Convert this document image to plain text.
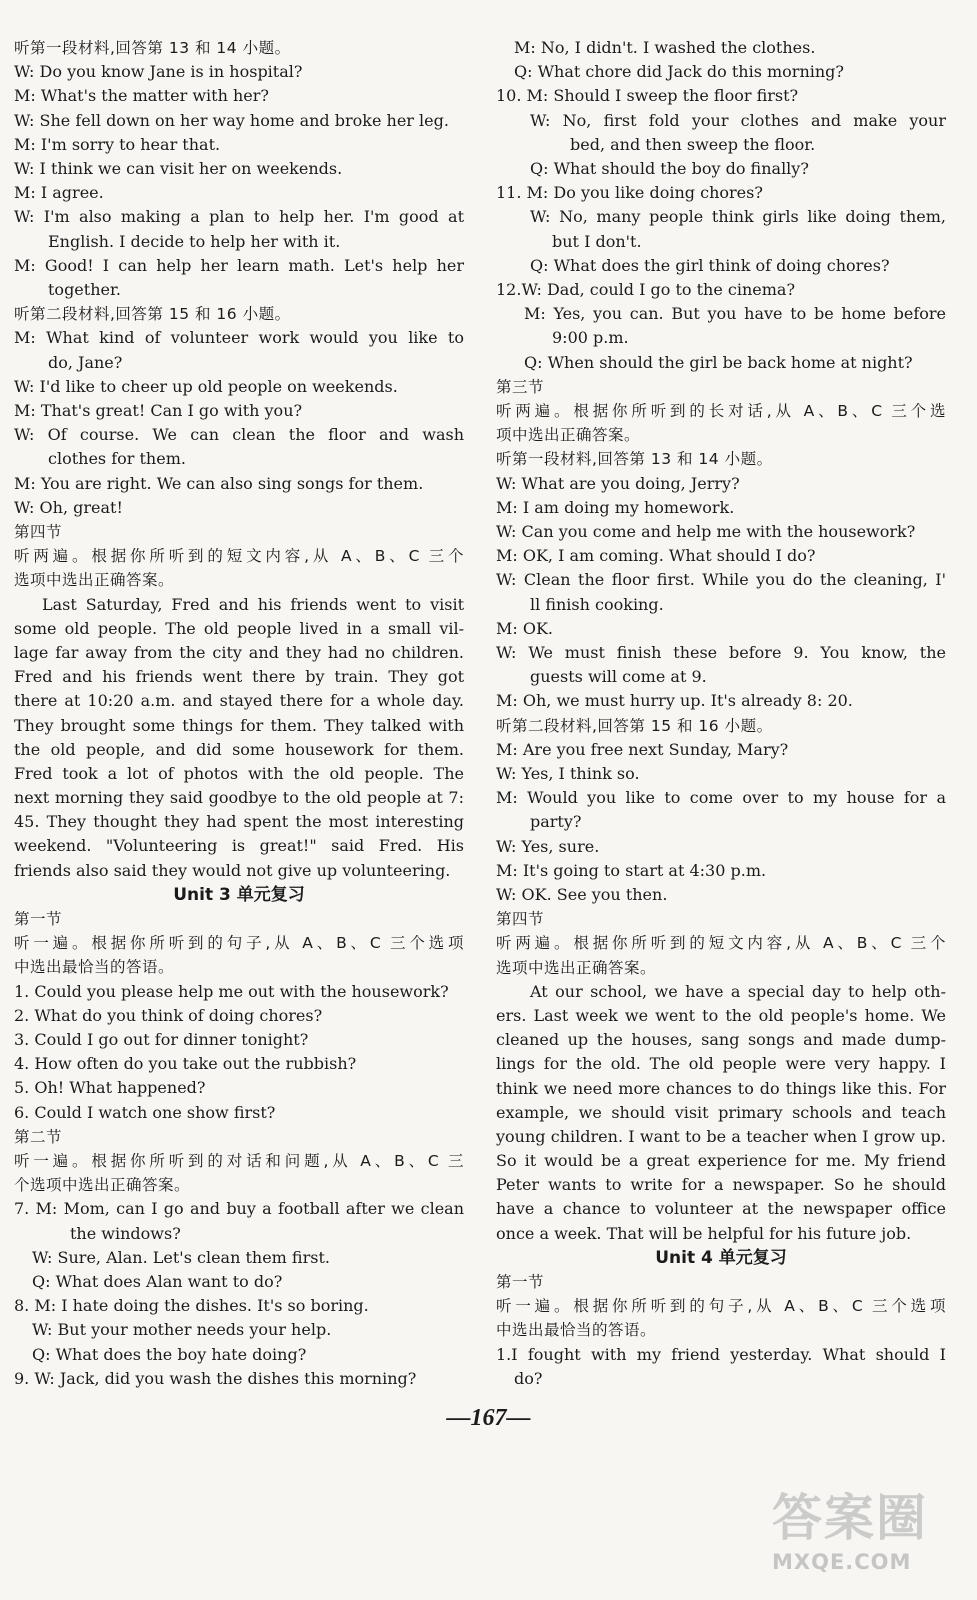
听第一段材料,回答第 13 和 14 小题。
W: Do you know Jane is in hospital?
M: What's the matter with her?
W: She fell down on her way home and broke her leg.
M: I'm sorry to hear that.
W: I think we can visit her on weekends.
M: I agree.
W: I'm also making a plan to help her. I'm good at
English. I decide to help her with it.
M: Good! I can help her learn math. Let's help her
together.
听第二段材料,回答第 15 和 16 小题。
M: What kind of volunteer work would you like to
do, Jane?
W: I'd like to cheer up old people on weekends.
M: That's great! Can I go with you?
W: Of course. We can clean the floor and wash
clothes for them.
M: You are right. We can also sing songs for them.
W: Oh, great!
第四节
听两遍。根据你所听到的短文内容,从 A、B、C 三个
选项中选出正确答案。
Last Saturday, Fred and his friends went to visit
some old people. The old people lived in a small vil-
lage far away from the city and they had no children.
Fred and his friends went there by train. They got
there at 10:20 a.m. and stayed there for a whole day.
They brought some things for them. They talked with
the old people, and did some housework for them.
Fred took a lot of photos with the old people. The
next morning they said goodbye to the old people at 7:
45. They thought they had spent the most interesting
weekend. "Volunteering is great!" said Fred. His
friends also said they would not give up volunteering.
Unit 3 单元复习
第一节
听一遍。根据你所听到的句子,从 A、B、C 三个选项
中选出最恰当的答语。
1. Could you please help me out with the housework?
2. What do you think of doing chores?
3. Could I go out for dinner tonight?
4. How often do you take out the rubbish?
5. Oh! What happened?
6. Could I watch one show first?
第二节
听一遍。根据你所听到的对话和问题,从 A、B、C 三
个选项中选出正确答案。
7. M: Mom, can I go and buy a football after we clean
the windows?
W: Sure, Alan. Let's clean them first.
Q: What does Alan want to do?
8. M: I hate doing the dishes. It's so boring.
W: But your mother needs your help.
Q: What does the boy hate doing?
9. W: Jack, did you wash the dishes this morning?
M: No, I didn't. I washed the clothes.
Q: What chore did Jack do this morning?
10. M: Should I sweep the floor first?
W: No, first fold your clothes and make your
bed, and then sweep the floor.
Q: What should the boy do finally?
11. M: Do you like doing chores?
W: No, many people think girls like doing them,
but I don't.
Q: What does the girl think of doing chores?
12.W: Dad, could I go to the cinema?
M: Yes, you can. But you have to be home before
9:00 p.m.
Q: When should the girl be back home at night?
第三节
听两遍。根据你所听到的长对话,从 A、B、C 三个选
项中选出正确答案。
听第一段材料,回答第 13 和 14 小题。
W: What are you doing, Jerry?
M: I am doing my homework.
W: Can you come and help me with the housework?
M: OK, I am coming. What should I do?
W: Clean the floor first. While you do the cleaning, I'
ll finish cooking.
M: OK.
W: We must finish these before 9. You know, the
guests will come at 9.
M: Oh, we must hurry up. It's already 8: 20.
听第二段材料,回答第 15 和 16 小题。
M: Are you free next Sunday, Mary?
W: Yes, I think so.
M: Would you like to come over to my house for a
party?
W: Yes, sure.
M: It's going to start at 4:30 p.m.
W: OK. See you then.
第四节
听两遍。根据你所听到的短文内容,从 A、B、C 三个
选项中选出正确答案。
At our school, we have a special day to help oth-
ers. Last week we went to the old people's home. We
cleaned up the houses, sang songs and made dump-
lings for the old. The old people were very happy. I
think we need more chances to do things like this. For
example, we should visit primary schools and teach
young children. I want to be a teacher when I grow up.
So it would be a great experience for me. My friend
Peter wants to write for a newspaper. So he should
have a chance to volunteer at the newspaper office
once a week. That will be helpful for his future job.
Unit 4 单元复习
第一节
听一遍。根据你所听到的句子,从 A、B、C 三个选项
中选出最恰当的答语。
1.I fought with my friend yesterday. What should I
do?
—167—
答案圈
MXQE.COM
